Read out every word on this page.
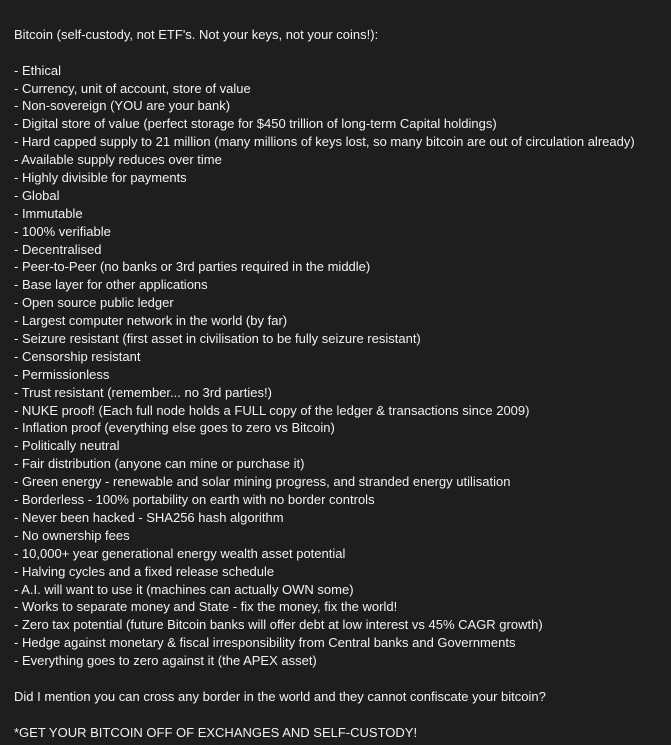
Bitcoin (self-custody, not ETF's. Not your keys, not your coins!):

- Ethical

- Currency, unit of account, store of value

- Non-sovereign (YOU are your bank)

- Digital store of value (perfect storage for $450 trillion of long-term Capital holdings)

- Hard capped supply to 21 million (many millions of keys lost, so many bitcoin are out of circulation already)

- Available supply reduces over time

- Highly divisible for payments

- Global

- Immutable

- 100% verifiable

- Decentralised

- Peer-to-Peer (no banks or 3rd parties required in the middle)

- Base layer for other applications

- Open source public ledger

- Largest computer network in the world (by far)

- Seizure resistant (first asset in civilisation to be fully seizure resistant)

- Censorship resistant

- Permissionless

- Trust resistant (remember... no 3rd parties!)

- NUKE proof! (Each full node holds a FULL copy of the ledger & transactions since 2009)

- Inflation proof (everything else goes to zero vs Bitcoin)

- Politically neutral

- Fair distribution (anyone can mine or purchase it)

- Green energy - renewable and solar mining progress, and stranded energy utilisation

- Borderless - 100% portability on earth with no border controls

- Never been hacked - SHA256 hash algorithm

- No ownership fees

- 10,000+ year generational energy wealth asset potential

- Halving cycles and a fixed release schedule

- A.I. will want to use it (machines can actually OWN some)

- Works to separate money and State - fix the money, fix the world!

- Zero tax potential (future Bitcoin banks will offer debt at low interest vs 45% CAGR growth)

- Hedge against monetary & fiscal irresponsibility from Central banks and Governments

- Everything goes to zero against it (the APEX asset)

Did I mention you can cross any border in the world and they cannot confiscate your bitcoin?

*GET YOUR BITCOIN OFF OF EXCHANGES AND SELF-CUSTODY!
